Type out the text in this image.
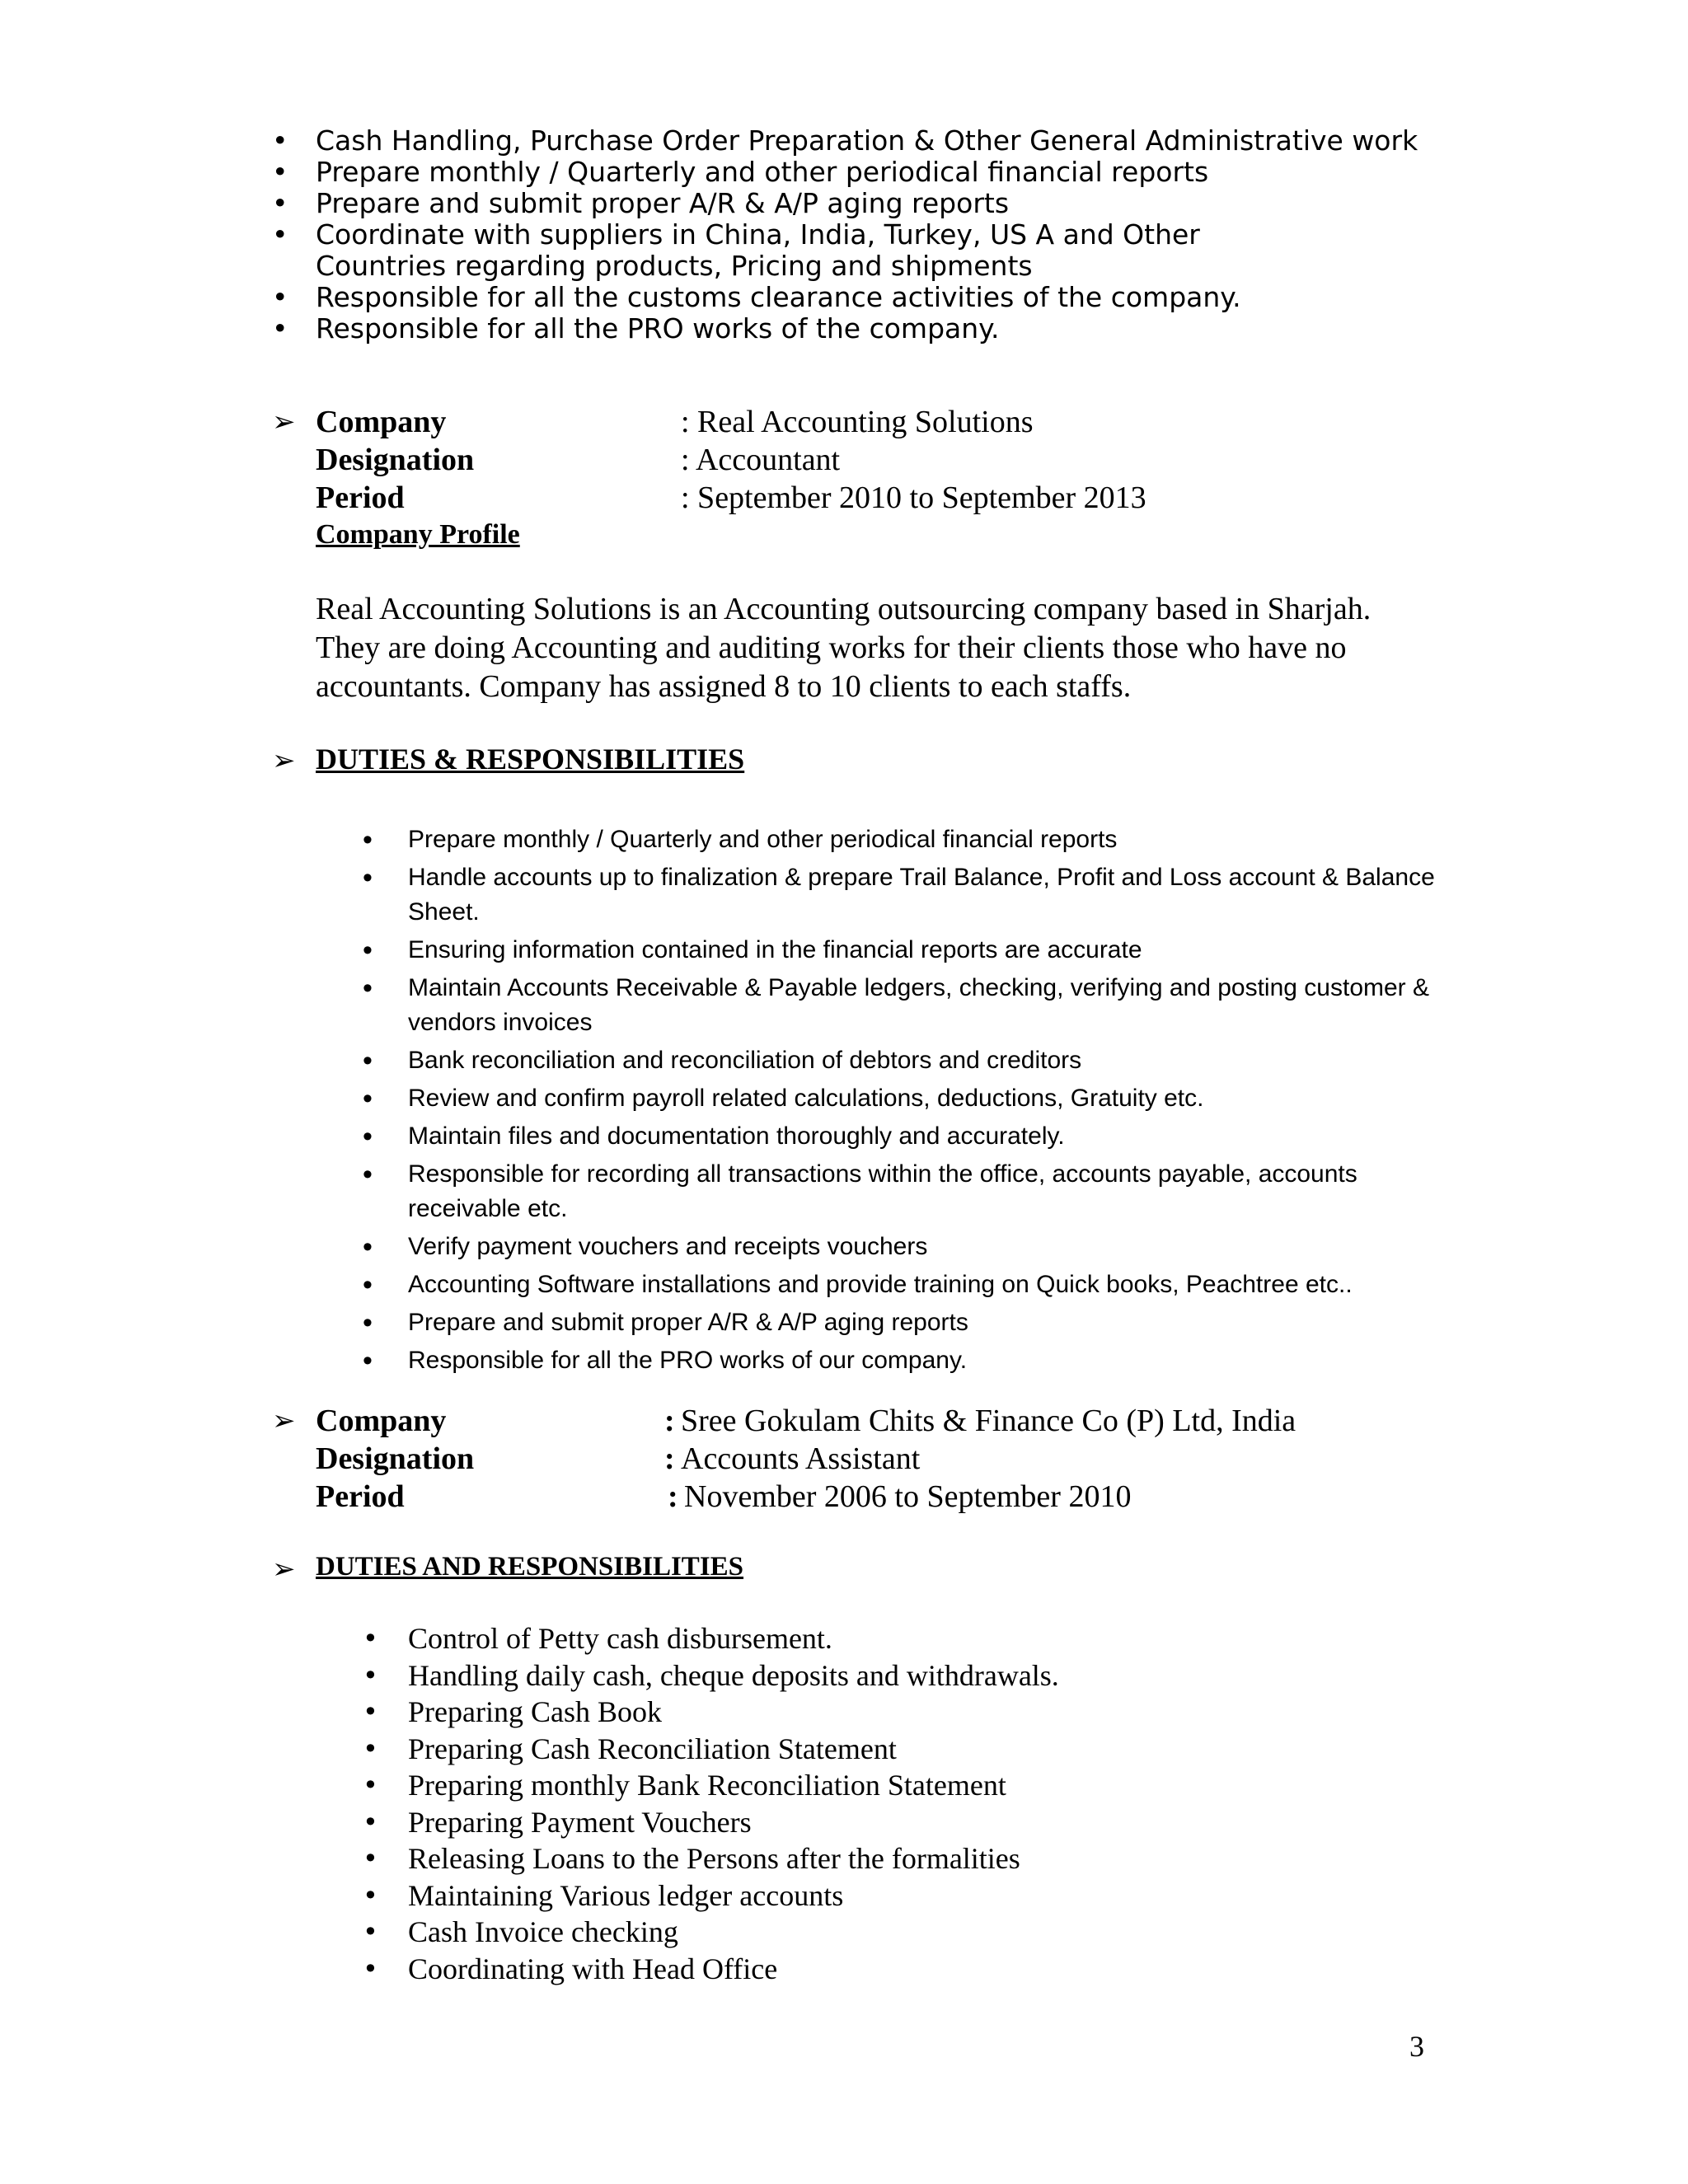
• Cash Handling, Purchase Order Preparation & Other General Administrative work
• Prepare monthly / Quarterly and other periodical financial reports
• Prepare and submit proper A/R & A/P aging reports
• Coordinate with suppliers in China, India, Turkey, US A and Other Countries regarding products, Pricing and shipments
• Responsible for all the customs clearance activities of the company.
• Responsible for all the PRO works of the company.
➢ Company	: Real Accounting Solutions
Designation	: Accountant
Period	: September 2010 to September 2013
Company Profile

Real Accounting Solutions is an Accounting outsourcing company based in Sharjah. They are doing Accounting and auditing works for their clients those who have no accountants. Company has assigned 8 to 10 clients to each staffs.

➢ DUTIES & RESPONSIBILITIES
• Prepare monthly / Quarterly and other periodical financial reports
• Handle accounts up to finalization & prepare Trail Balance, Profit and Loss account & Balance Sheet.
• Ensuring information contained in the financial reports are accurate
• Maintain Accounts Receivable & Payable ledgers, checking, verifying and posting customer & vendors invoices
• Bank reconciliation and reconciliation of debtors and creditors
• Review and confirm payroll related calculations, deductions, Gratuity etc.
• Maintain files and documentation thoroughly and accurately.
• Responsible for recording all transactions within the office, accounts payable, accounts receivable etc.
• Verify payment vouchers and receipts vouchers
• Accounting Software installations and provide training on Quick books, Peachtree etc..
• Prepare and submit proper A/R & A/P aging reports
• Responsible for all the PRO works of our company.
➢ Company	: Sree Gokulam Chits & Finance Co (P) Ltd, India
Designation	: Accounts Assistant
Period	: November 2006 to September 2010
➢ DUTIES AND RESPONSIBILITIES
• Control of Petty cash disbursement.
• Handling daily cash, cheque deposits and withdrawals.
• Preparing Cash Book
• Preparing Cash Reconciliation Statement
• Preparing monthly Bank Reconciliation Statement
• Preparing Payment Vouchers
• Releasing Loans to the Persons after the formalities
• Maintaining Various ledger accounts
• Cash Invoice checking
• Coordinating with Head Office
3
